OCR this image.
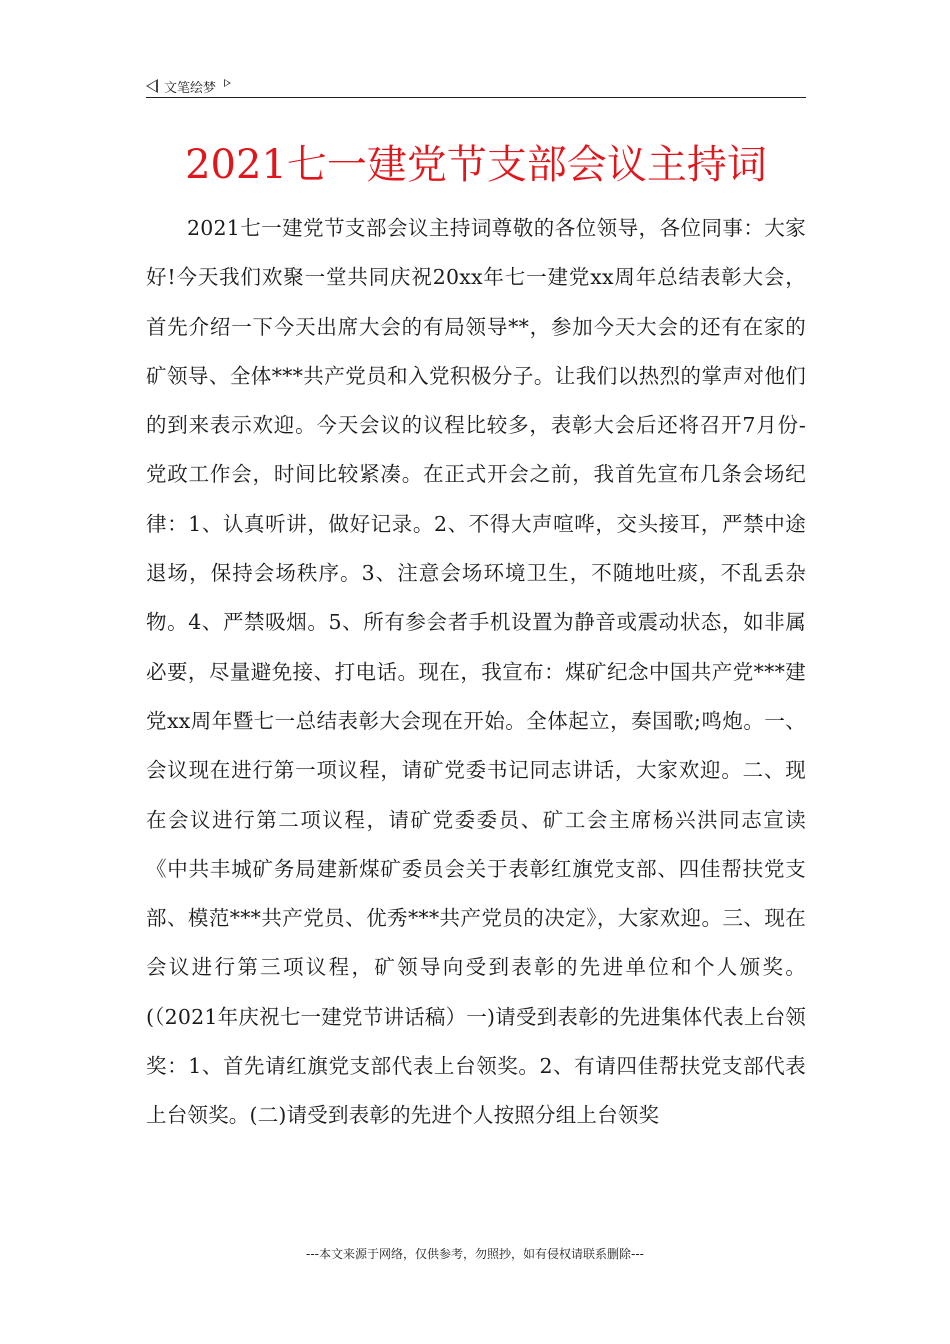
文笔绘梦
2021七一建党节支部会议主持词

2021七一建党节支部会议主持词尊敬的各位领导，各位同事：大家好!今天我们欢聚一堂共同庆祝20xx年七一建党xx周年总结表彰大会，首先介绍一下今天出席大会的有局领导**，参加今天大会的还有在家的矿领导、全体***共产党员和入党积极分子。让我们以热烈的掌声对他们的到来表示欢迎。今天会议的议程比较多，表彰大会后还将召开7月份-党政工作会，时间比较紧凑。在正式开会之前，我首先宣布几条会场纪律：1、认真听讲，做好记录。2、不得大声喧哗，交头接耳，严禁中途退场，保持会场秩序。3、注意会场环境卫生，不随地吐痰，不乱丢杂物。4、严禁吸烟。5、所有参会者手机设置为静音或震动状态，如非属必要，尽量避免接、打电话。现在，我宣布：煤矿纪念中国共产党***建党xx周年暨七一总结表彰大会现在开始。全体起立，奏国歌;鸣炮。一、会议现在进行第一项议程，请矿党委书记同志讲话，大家欢迎。二、现在会议进行第二项议程，请矿党委委员、矿工会主席杨兴洪同志宣读《中共丰城矿务局建新煤矿委员会关于表彰红旗党支部、四佳帮扶党支部、模范***共产党员、优秀***共产党员的决定》，大家欢迎。三、现在会议进行第三项议程，矿领导向受到表彰的先进单位和个人颁奖。(（2021年庆祝七一建党节讲话稿）一)请受到表彰的先进集体代表上台领奖：1、首先请红旗党支部代表上台领奖。2、有请四佳帮扶党支部代表上台领奖。(二)请受到表彰的先进个人按照分组上台领奖

---本文来源于网络，仅供参考，勿照抄，如有侵权请联系删除---
